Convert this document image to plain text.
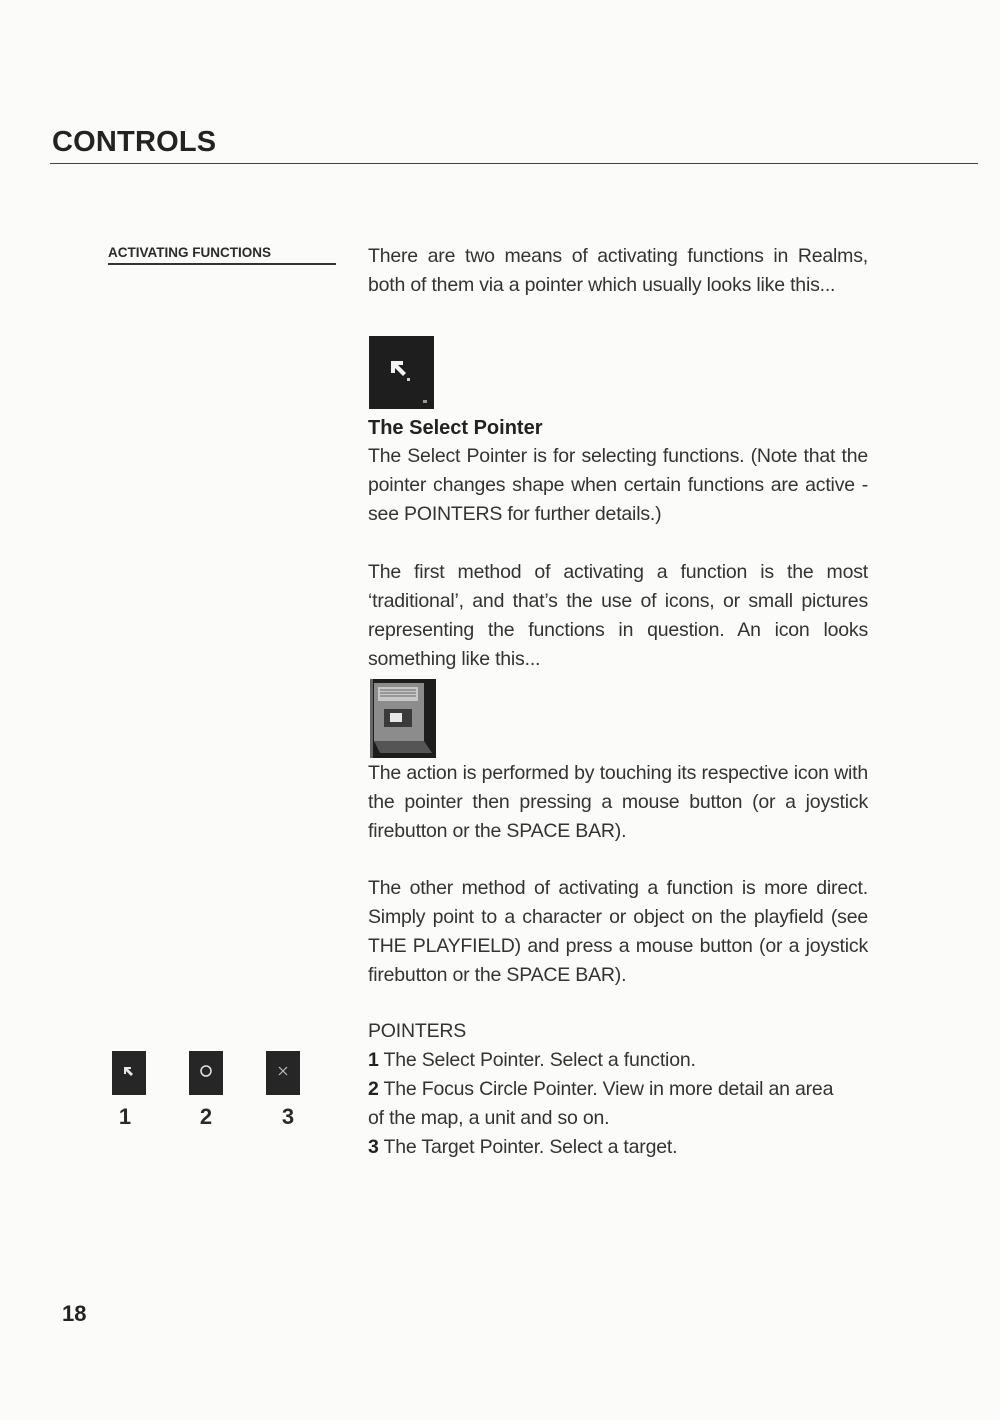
CONTROLS
ACTIVATING FUNCTIONS	There are two means of activating functions in Realms, both of them via a pointer which usually looks like this...

The Select Pointer

The Select Pointer is for selecting functions. (Note that the pointer changes shape when certain functions are active - see POINTERS for further details.)

The first method of activating a function is the most ‘traditional’, and that’s the use of icons, or small pictures representing the functions in question. An icon looks something like this...

The action is performed by touching its respective icon with the pointer then pressing a mouse button (or a joystick firebutton or the SPACE BAR).

The other method of activating a function is more direct. Simply point to a character or object on the playfield (see THE PLAYFIELD) and press a mouse button (or a joystick firebutton or the SPACE BAR).

POINTERS

1 The Select Pointer. Select a function.

2 The Focus Circle Pointer. View in more detail an area

of the map, a unit and so on.

3 The Target Pointer. Select a target.

1	2	3
18
